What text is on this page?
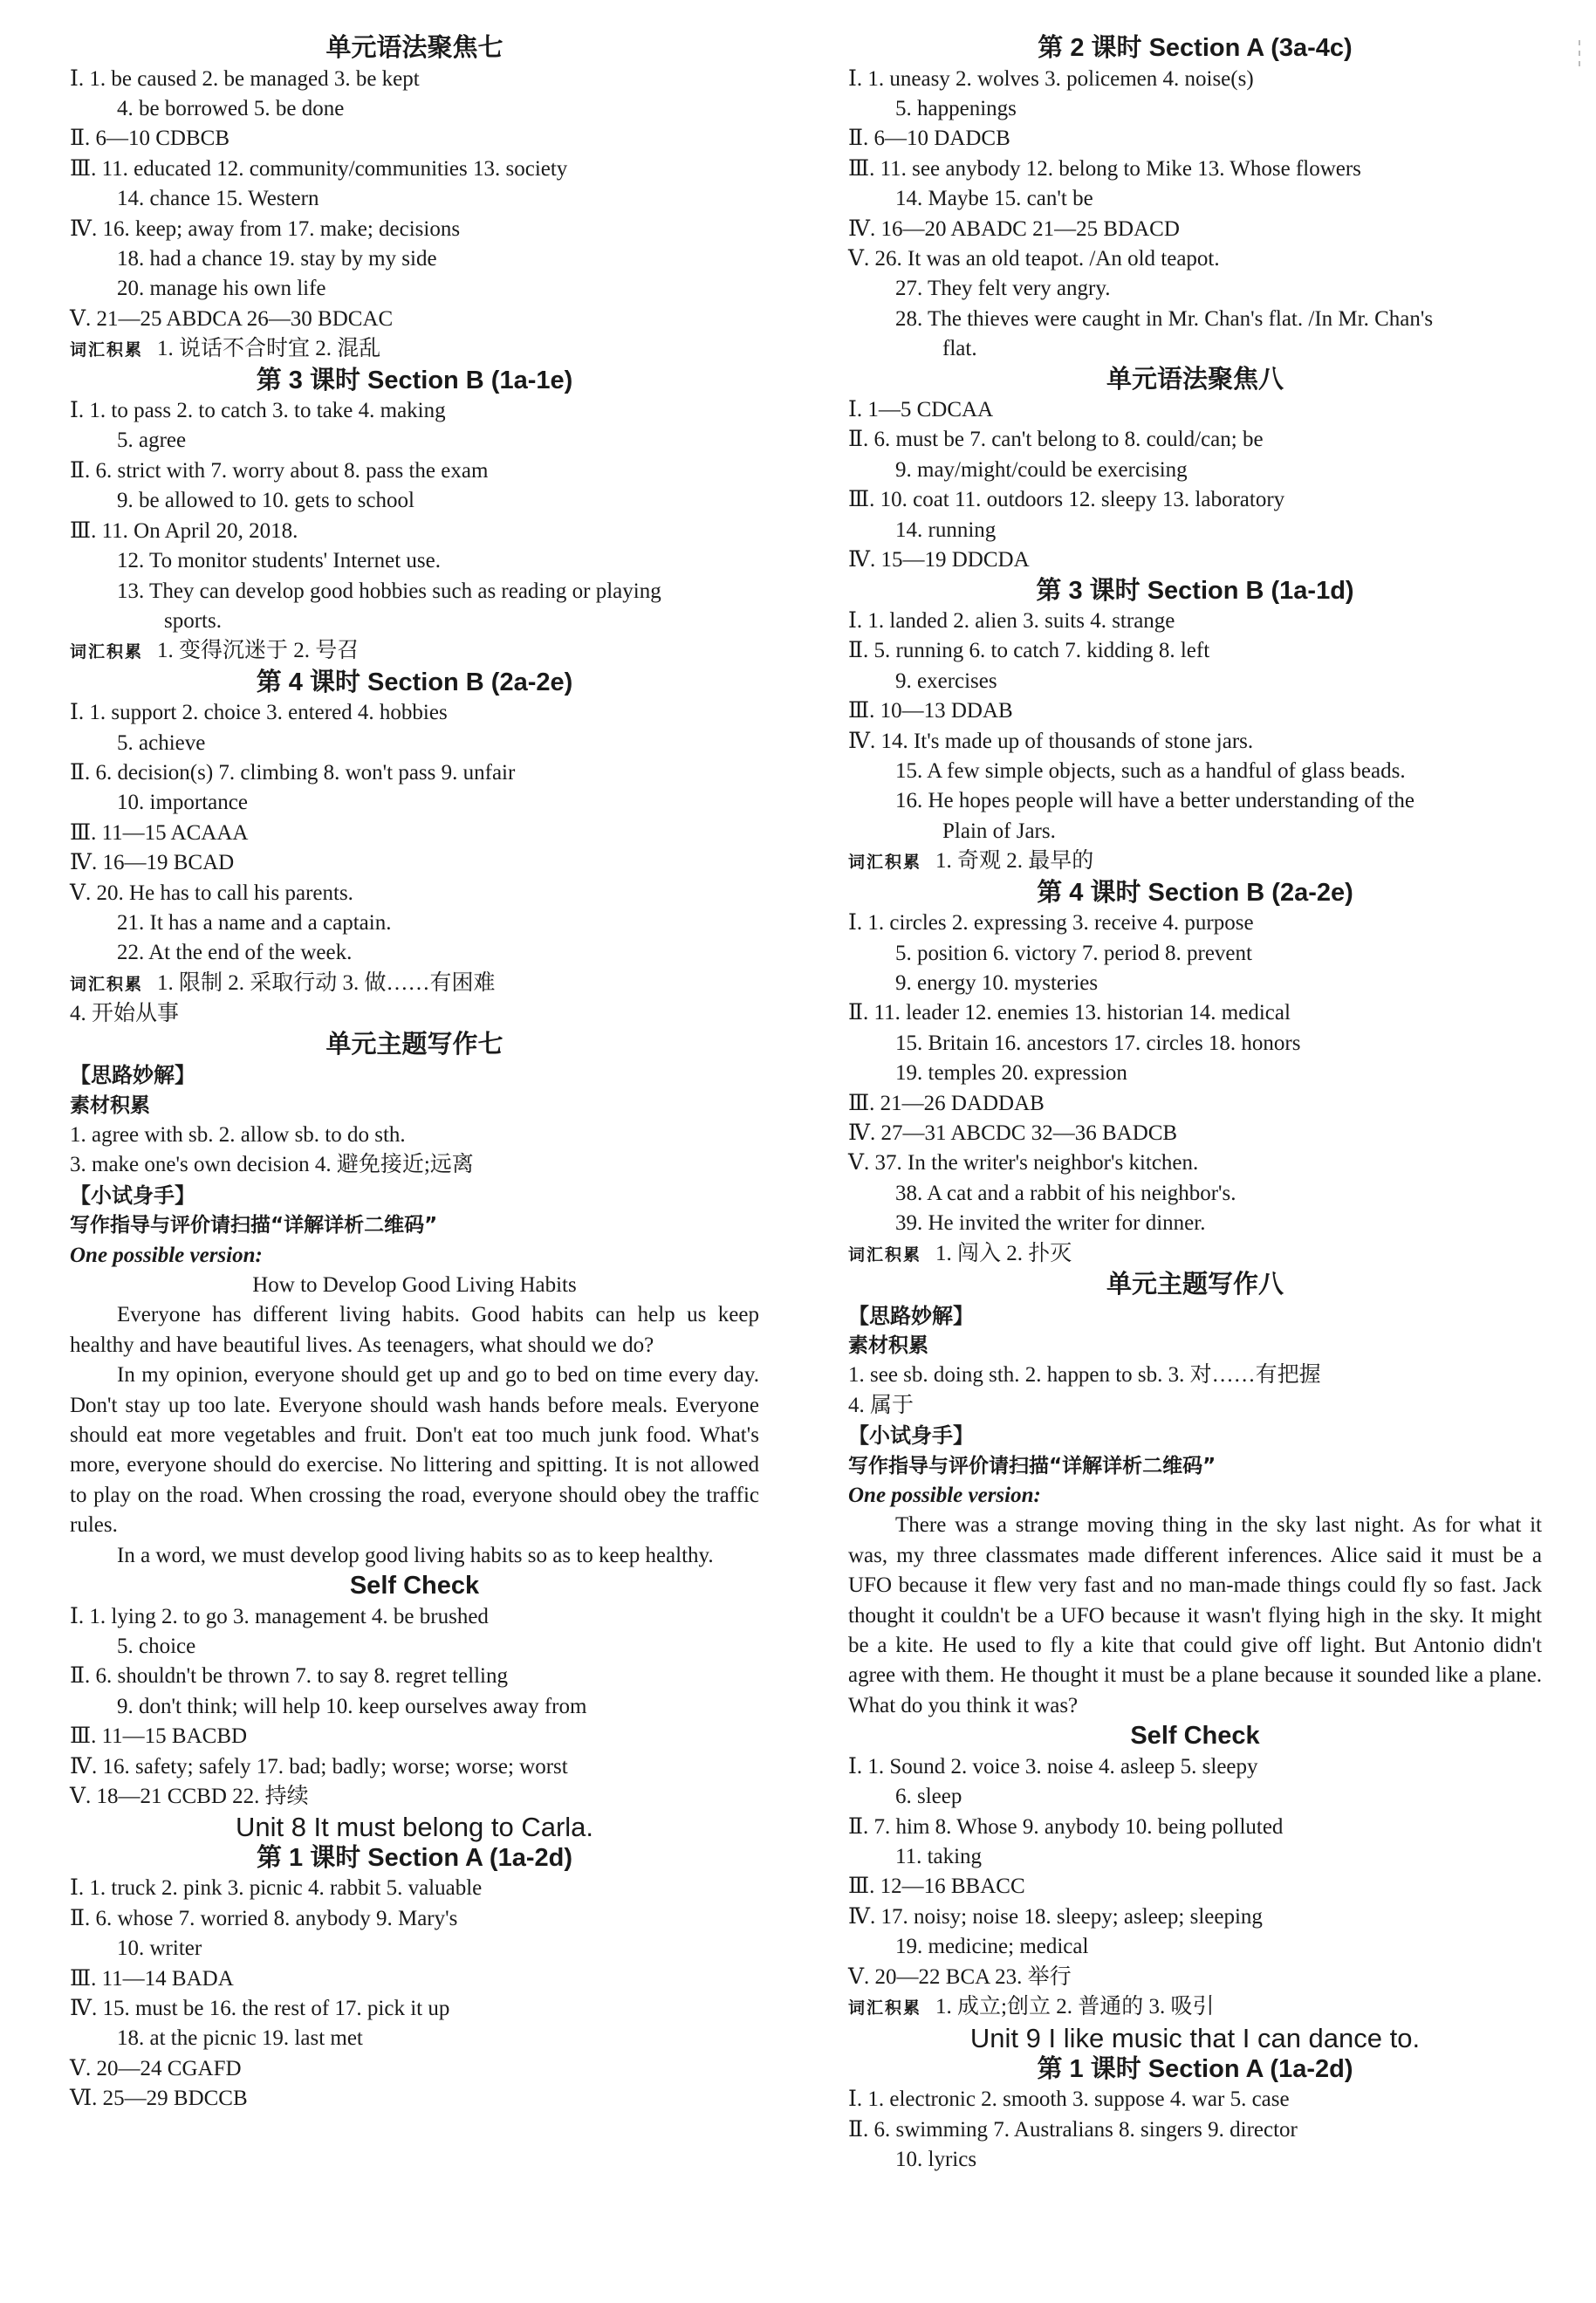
单元语法聚焦七
Ⅰ. 1. be caused 2. be managed 3. be kept
4. be borrowed 5. be done
Ⅱ. 6—10 CDBCB
Ⅲ. 11. educated 12. community/communities 13. society
14. chance 15. Western
Ⅳ. 16. keep; away from 17. make; decisions
18. had a chance 19. stay by my side
20. manage his own life
Ⅴ. 21—25 ABDCA 26—30 BDCAC
词汇积累 1. 说话不合时宜 2. 混乱
第 3 课时 Section B (1a-1e)
Ⅰ. 1. to pass 2. to catch 3. to take 4. making
5. agree
Ⅱ. 6. strict with 7. worry about 8. pass the exam
9. be allowed to 10. gets to school
Ⅲ. 11. On April 20, 2018.
12. To monitor students' Internet use.
13. They can develop good hobbies such as reading or playing
sports.
词汇积累 1. 变得沉迷于 2. 号召
第 4 课时 Section B (2a-2e)
Ⅰ. 1. support 2. choice 3. entered 4. hobbies
5. achieve
Ⅱ. 6. decision(s) 7. climbing 8. won't pass 9. unfair
10. importance
Ⅲ. 11—15 ACAAA
Ⅳ. 16—19 BCAD
Ⅴ. 20. He has to call his parents.
21. It has a name and a captain.
22. At the end of the week.
词汇积累 1. 限制 2. 采取行动 3. 做……有困难
4. 开始从事
单元主题写作七
【思路妙解】
素材积累
1. agree with sb. 2. allow sb. to do sth.
3. make one's own decision 4. 避免接近;远离
【小试身手】
写作指导与评价请扫描“详解详析二维码”
One possible version:
How to Develop Good Living Habits
Everyone has different living habits. Good habits can help us keep healthy and have beautiful lives. As teenagers, what should we do?
In my opinion, everyone should get up and go to bed on time every day. Don't stay up too late. Everyone should wash hands before meals. Everyone should eat more vegetables and fruit. Don't eat too much junk food. What's more, everyone should do exercise. No littering and spitting. It is not allowed to play on the road. When crossing the road, everyone should obey the traffic rules.
In a word, we must develop good living habits so as to keep healthy.
Self Check
Ⅰ. 1. lying 2. to go 3. management 4. be brushed
5. choice
Ⅱ. 6. shouldn't be thrown 7. to say 8. regret telling
9. don't think; will help 10. keep ourselves away from
Ⅲ. 11—15 BACBD
Ⅳ. 16. safety; safely 17. bad; badly; worse; worse; worst
Ⅴ. 18—21 CCBD 22. 持续
Unit 8 It must belong to Carla.
第 1 课时 Section A (1a-2d)
Ⅰ. 1. truck 2. pink 3. picnic 4. rabbit 5. valuable
Ⅱ. 6. whose 7. worried 8. anybody 9. Mary's
10. writer
Ⅲ. 11—14 BADA
Ⅳ. 15. must be 16. the rest of 17. pick it up
18. at the picnic 19. last met
Ⅴ. 20—24 CGAFD
Ⅵ. 25—29 BDCCB
第 2 课时 Section A (3a-4c)
Ⅰ. 1. uneasy 2. wolves 3. policemen 4. noise(s)
5. happenings
Ⅱ. 6—10 DADCB
Ⅲ. 11. see anybody 12. belong to Mike 13. Whose flowers
14. Maybe 15. can't be
Ⅳ. 16—20 ABADC 21—25 BDACD
Ⅴ. 26. It was an old teapot. /An old teapot.
27. They felt very angry.
28. The thieves were caught in Mr. Chan's flat. /In Mr. Chan's
flat.
单元语法聚焦八
Ⅰ. 1—5 CDCAA
Ⅱ. 6. must be 7. can't belong to 8. could/can; be
9. may/might/could be exercising
Ⅲ. 10. coat 11. outdoors 12. sleepy 13. laboratory
14. running
Ⅳ. 15—19 DDCDA
第 3 课时 Section B (1a-1d)
Ⅰ. 1. landed 2. alien 3. suits 4. strange
Ⅱ. 5. running 6. to catch 7. kidding 8. left
9. exercises
Ⅲ. 10—13 DDAB
Ⅳ. 14. It's made up of thousands of stone jars.
15. A few simple objects, such as a handful of glass beads.
16. He hopes people will have a better understanding of the
Plain of Jars.
词汇积累 1. 奇观 2. 最早的
第 4 课时 Section B (2a-2e)
Ⅰ. 1. circles 2. expressing 3. receive 4. purpose
5. position 6. victory 7. period 8. prevent
9. energy 10. mysteries
Ⅱ. 11. leader 12. enemies 13. historian 14. medical
15. Britain 16. ancestors 17. circles 18. honors
19. temples 20. expression
Ⅲ. 21—26 DADDAB
Ⅳ. 27—31 ABCDC 32—36 BADCB
Ⅴ. 37. In the writer's neighbor's kitchen.
38. A cat and a rabbit of his neighbor's.
39. He invited the writer for dinner.
词汇积累 1. 闯入 2. 扑灭
单元主题写作八
【思路妙解】
素材积累
1. see sb. doing sth. 2. happen to sb. 3. 对……有把握
4. 属于
【小试身手】
写作指导与评价请扫描“详解详析二维码”
One possible version:
There was a strange moving thing in the sky last night. As for what it was, my three classmates made different inferences. Alice said it must be a UFO because it flew very fast and no man-made things could fly so fast. Jack thought it couldn't be a UFO because it wasn't flying high in the sky. It might be a kite. He used to fly a kite that could give off light. But Antonio didn't agree with them. He thought it must be a plane because it sounded like a plane. What do you think it was?
Self Check
Ⅰ. 1. Sound 2. voice 3. noise 4. asleep 5. sleepy
6. sleep
Ⅱ. 7. him 8. Whose 9. anybody 10. being polluted
11. taking
Ⅲ. 12—16 BBACC
Ⅳ. 17. noisy; noise 18. sleepy; asleep; sleeping
19. medicine; medical
Ⅴ. 20—22 BCA 23. 举行
词汇积累 1. 成立;创立 2. 普通的 3. 吸引
Unit 9 I like music that I can dance to.
第 1 课时 Section A (1a-2d)
Ⅰ. 1. electronic 2. smooth 3. suppose 4. war 5. case
Ⅱ. 6. swimming 7. Australians 8. singers 9. director
10. lyrics
